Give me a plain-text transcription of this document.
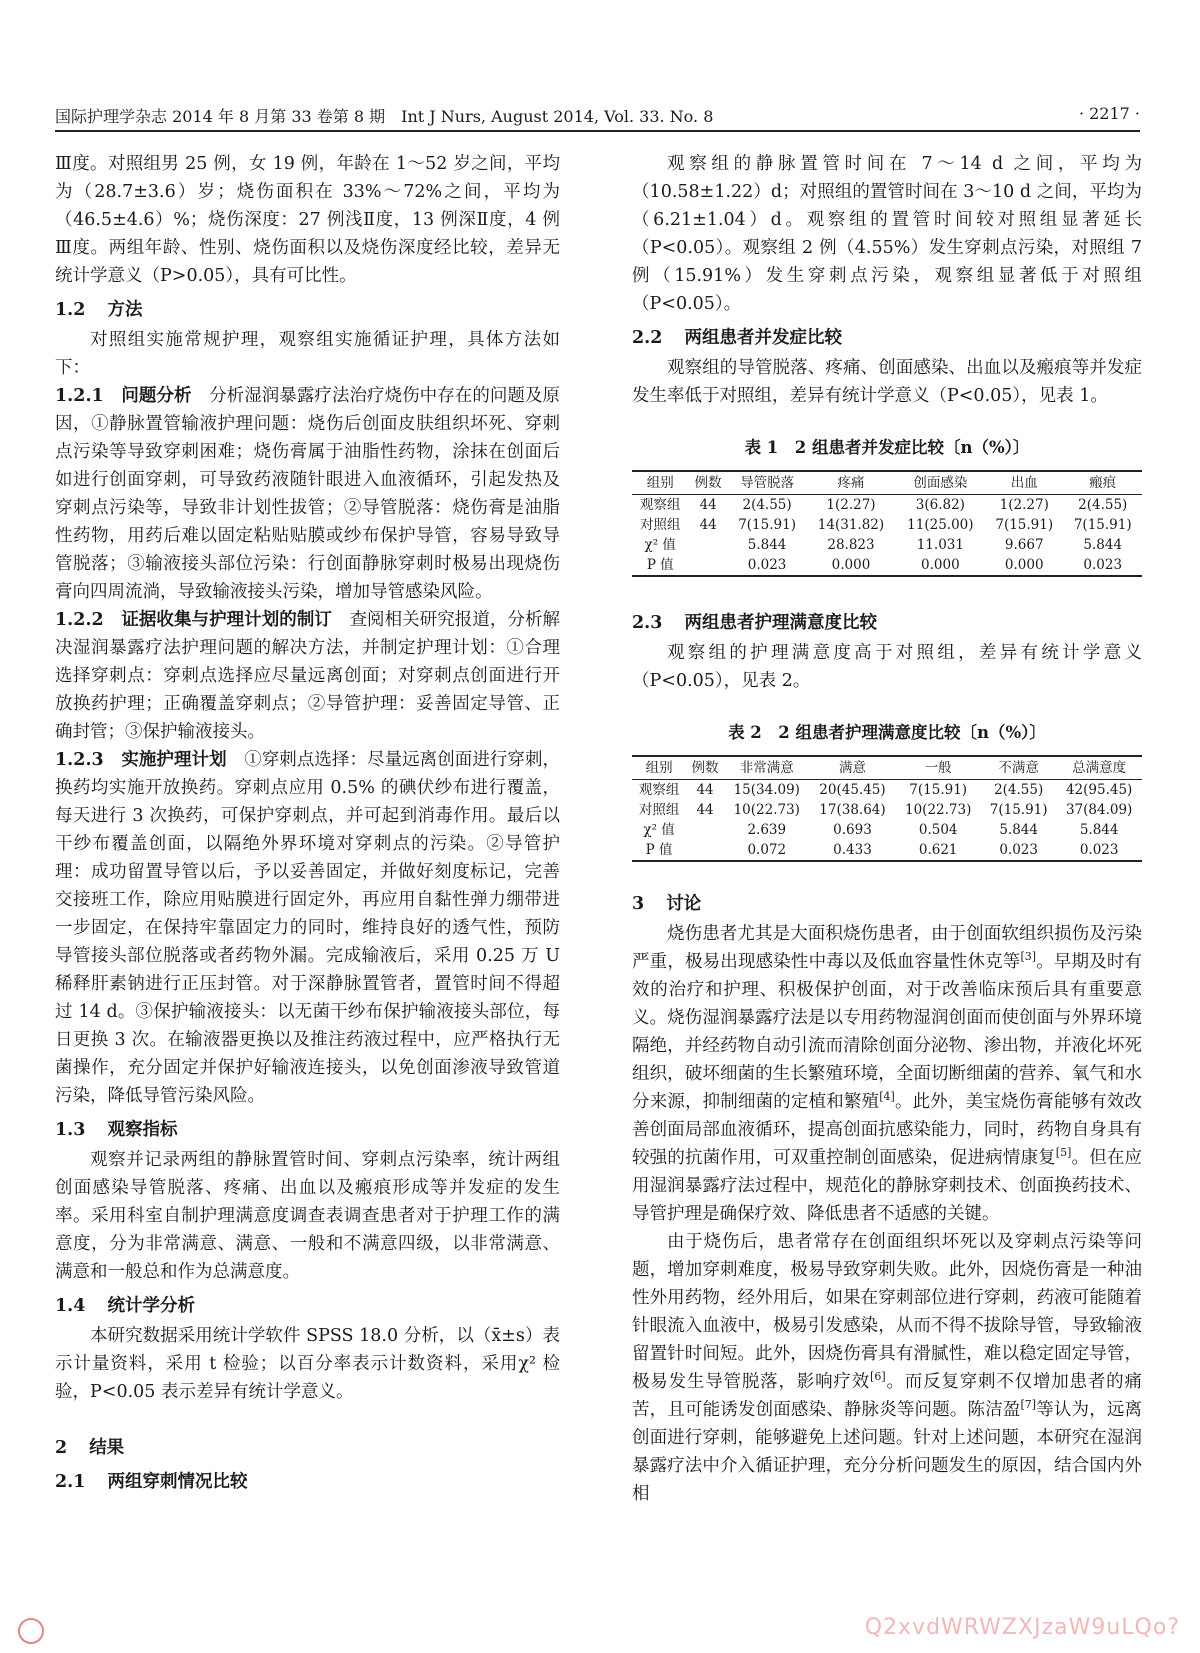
国际护理学杂志 2014 年 8 月第 33 卷第 8 期　Int J Nurs, August 2014, Vol. 33. No. 8	· 2217 ·

Ⅲ度。对照组男 25 例，女 19 例，年龄在 1～52 岁之间，平均为（28.7±3.6）岁；烧伤面积在 33%～72%之间，平均为（46.5±4.6）%；烧伤深度：27 例浅Ⅱ度，13 例深Ⅱ度，4 例Ⅲ度。两组年龄、性别、烧伤面积以及烧伤深度经比较，差异无统计学意义（P>0.05），具有可比性。

1.2 方法

对照组实施常规护理，观察组实施循证护理，具体方法如下：

1.2.1　 问题分析　 分析湿润暴露疗法治疗烧伤中存在的问题及原因，①静脉置管输液护理问题：烧伤后创面皮肤组织坏死、穿刺点污染等导致穿刺困难；烧伤膏属于油脂性药物，涂抹在创面后如进行创面穿刺，可导致药液随针眼进入血液循环，引起发热及穿刺点污染等，导致非计划性拔管；②导管脱落：烧伤膏是油脂性药物，用药后难以固定粘贴贴膜或纱布保护导管，容易导致导管脱落；③输液接头部位污染：行创面静脉穿刺时极易出现烧伤膏向四周流淌，导致输液接头污染，增加导管感染风险。

1.2.2　 证据收集与护理计划的制订　 查阅相关研究报道，分析解决湿润暴露疗法护理问题的解决方法，并制定护理计划：①合理选择穿刺点：穿刺点选择应尽量远离创面；对穿刺点创面进行开放换药护理；正确覆盖穿刺点；②导管护理：妥善固定导管、正确封管；③保护输液接头。

1.2.3　 实施护理计划　 ①穿刺点选择：尽量远离创面进行穿刺，换药均实施开放换药。穿刺点应用 0.5% 的碘伏纱布进行覆盖，每天进行 3 次换药，可保护穿刺点，并可起到消毒作用。最后以干纱布覆盖创面，以隔绝外界环境对穿刺点的污染。②导管护理：成功留置导管以后，予以妥善固定，并做好刻度标记，完善交接班工作，除应用贴膜进行固定外，再应用自黏性弹力绷带进一步固定，在保持牢靠固定力的同时，维持良好的透气性，预防导管接头部位脱落或者药物外漏。完成输液后，采用 0.25 万 U 稀释肝素钠进行正压封管。对于深静脉置管者，置管时间不得超过 14 d。③保护输液接头：以无菌干纱布保护输液接头部位，每日更换 3 次。在输液器更换以及推注药液过程中，应严格执行无菌操作，充分固定并保护好输液连接头，以免创面渗液导致管道污染，降低导管污染风险。

1.3 观察指标

观察并记录两组的静脉置管时间、穿刺点污染率，统计两组创面感染导管脱落、疼痛、出血以及瘢痕形成等并发症的发生率。采用科室自制护理满意度调查表调查患者对于护理工作的满意度，分为非常满意、满意、一般和不满意四级，以非常满意、满意和一般总和作为总满意度。

1.4 统计学分析

本研究数据采用统计学软件 SPSS 18.0 分析，以（x̄±s）表示计量资料，采用 t 检验；以百分率表示计数资料，采用χ² 检验，P<0.05 表示差异有统计学意义。

2 结果
2.1 两组穿刺情况比较

观察组的静脉置管时间在 7～14 d 之间，平均为（10.58±1.22）d；对照组的置管时间在 3～10 d 之间，平均为（6.21±1.04）d。观察组的置管时间较对照组显著延长（P<0.05）。观察组 2 例（4.55%）发生穿刺点污染，对照组 7 例（15.91%）发生穿刺点污染，观察组显著低于对照组（P<0.05）。

2.2 两组患者并发症比较

观察组的导管脱落、疼痛、创面感染、出血以及瘢痕等并发症发生率低于对照组，差异有统计学意义（P<0.05），见表 1。

表 1　2 组患者并发症比较〔n（%）〕
组别	例数	导管脱落	疼痛	创面感染	出血	瘢痕
观察组	44	2(4.55)	1(2.27)	3(6.82)	1(2.27)	2(4.55)
对照组	44	7(15.91)	14(31.82)	11(25.00)	7(15.91)	7(15.91)
χ² 值		5.844	28.823	11.031	9.667	5.844
P 值		0.023	0.000	0.000	0.000	0.023
2.3 两组患者护理满意度比较

观察组的护理满意度高于对照组，差异有统计学意义（P<0.05），见表 2。

表 2　2 组患者护理满意度比较〔n（%）〕
组别	例数	非常满意	满意	一般	不满意	总满意度
观察组	44	15(34.09)	20(45.45)	7(15.91)	2(4.55)	42(95.45)
对照组	44	10(22.73)	17(38.64)	10(22.73)	7(15.91)	37(84.09)
χ² 值		2.639	0.693	0.504	5.844	5.844
P 值		0.072	0.433	0.621	0.023	0.023
3 讨论

烧伤患者尤其是大面积烧伤患者，由于创面软组织损伤及污染严重，极易出现感染性中毒以及低血容量性休克等[3]。早期及时有效的治疗和护理、积极保护创面，对于改善临床预后具有重要意义。烧伤湿润暴露疗法是以专用药物湿润创面而使创面与外界环境隔绝，并经药物自动引流而清除创面分泌物、渗出物，并液化坏死组织，破坏细菌的生长繁殖环境，全面切断细菌的营养、氧气和水分来源，抑制细菌的定植和繁殖[4]。此外，美宝烧伤膏能够有效改善创面局部血液循环，提高创面抗感染能力，同时，药物自身具有较强的抗菌作用，可双重控制创面感染，促进病情康复[5]。但在应用湿润暴露疗法过程中，规范化的静脉穿刺技术、创面换药技术、导管护理是确保疗效、降低患者不适感的关键。

由于烧伤后，患者常存在创面组织坏死以及穿刺点污染等问题，增加穿刺难度，极易导致穿刺失败。此外，因烧伤膏是一种油性外用药物，经外用后，如果在穿刺部位进行穿刺，药液可能随着针眼流入血液中，极易引发感染，从而不得不拔除导管，导致输液留置针时间短。此外，因烧伤膏具有滑腻性，难以稳定固定导管，极易发生导管脱落，影响疗效[6]。而反复穿刺不仅增加患者的痛苦，且可能诱发创面感染、静脉炎等问题。陈洁盈[7]等认为，远离创面进行穿刺，能够避免上述问题。针对上述问题，本研究在湿润暴露疗法中介入循证护理，充分分析问题发生的原因，结合国内外相

Q2xvdWRWZXJzaW9uLQo?
